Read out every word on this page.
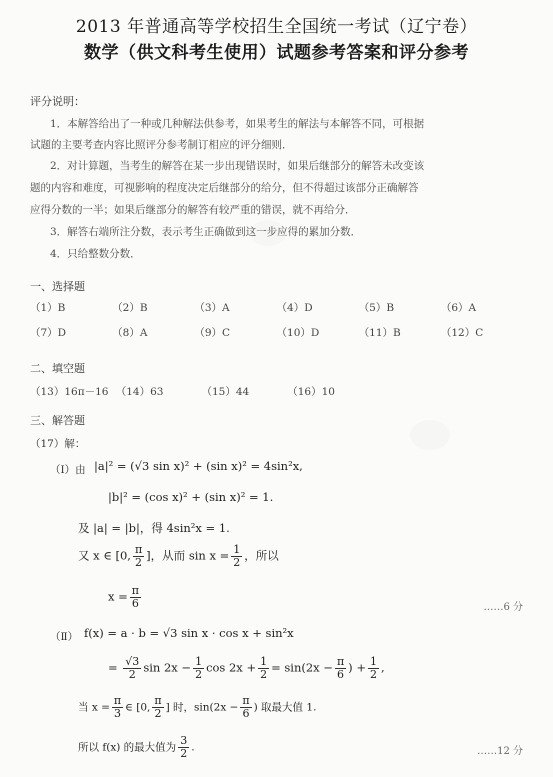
2013 年普通高等学校招生全国统一考试（辽宁卷）
数学（供文科考生使用）试题参考答案和评分参考
评分说明：
1．本解答给出了一种或几种解法供参考，如果考生的解法与本解答不同，可根据
试题的主要考查内容比照评分参考制订相应的评分细则．
2．对计算题，当考生的解答在某一步出现错误时，如果后继部分的解答未改变该
题的内容和难度，可视影响的程度决定后继部分的给分，但不得超过该部分正确解答
应得分数的一半；如果后继部分的解答有较严重的错误，就不再给分．
3．解答右端所注分数，表示考生正确做到这一步应得的累加分数．
4．只给整数分数．
一、选择题
（1）B	（2）B	（3）A	（4）D	（5）B	（6）A
（7）D	（8）A	（9）C	（10）D	（11）B	（12）C
二、填空题
（13）16π－16 （14）63	（15）44	（16）10
三、解答题
（17）解：
（Ⅰ）由 |a|² = (√3 sin x)² + (sin x)² = 4sin²x,
|b|² = (cos x)² + (sin x)² = 1.
及 |a| = |b|，得 4sin²x = 1.
又 x ∈ [0, $\frac{\pi}{2}$ ]，从而 $\sin x = \frac{1}{2}$ ，所以
$x = \frac{\pi}{6}$	……6 分
（Ⅱ） f(x) = a · b = √3 sin x · cos x + sin²x
= $\frac{√3}{2}$ $\sin 2x - \frac{1}{2}$ $\cos 2x + \frac{1}{2} = \sin(2x - \frac{\pi}{6}$ ) + $\frac{1}{2}$ ,
当 $x = \frac{\pi}{3}$ ∈ [0, $\frac{\pi}{2}$ ] 时，$\sin(2x - \frac{\pi}{6}$ ) 取最大值 1.
所以 f(x) 的最大值为 $\frac{3}{2}$ .	……12 分
